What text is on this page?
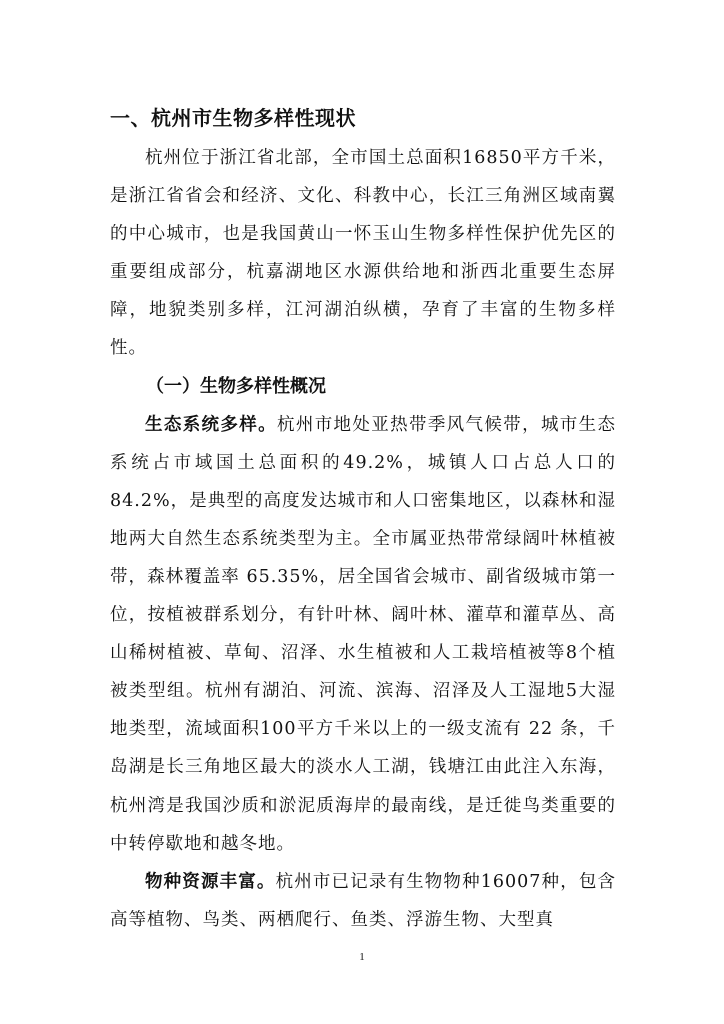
一、杭州市生物多样性现状

杭州位于浙江省北部，全市国土总面积16850平方千米，是浙江省省会和经济、文化、科教中心，长江三角洲区域南翼的中心城市，也是我国黄山一怀玉山生物多样性保护优先区的重要组成部分，杭嘉湖地区水源供给地和浙西北重要生态屏障，地貌类别多样，江河湖泊纵横，孕育了丰富的生物多样性。

（一）生物多样性概况

生态系统多样。杭州市地处亚热带季风气候带，城市生态系统占市域国土总面积的49.2%，城镇人口占总人口的84.2%，是典型的高度发达城市和人口密集地区，以森林和湿地两大自然生态系统类型为主。全市属亚热带常绿阔叶林植被带，森林覆盖率 65.35%，居全国省会城市、副省级城市第一位，按植被群系划分，有针叶林、阔叶林、灌草和灌草丛、高山稀树植被、草甸、沼泽、水生植被和人工栽培植被等8个植被类型组。杭州有湖泊、河流、滨海、沼泽及人工湿地5大湿地类型，流域面积100平方千米以上的一级支流有 22 条，千岛湖是长三角地区最大的淡水人工湖，钱塘江由此注入东海，杭州湾是我国沙质和淤泥质海岸的最南线，是迁徙鸟类重要的中转停歇地和越冬地。

物种资源丰富。杭州市已记录有生物物种16007种，包含高等植物、鸟类、两栖爬行、鱼类、浮游生物、大型真

1
